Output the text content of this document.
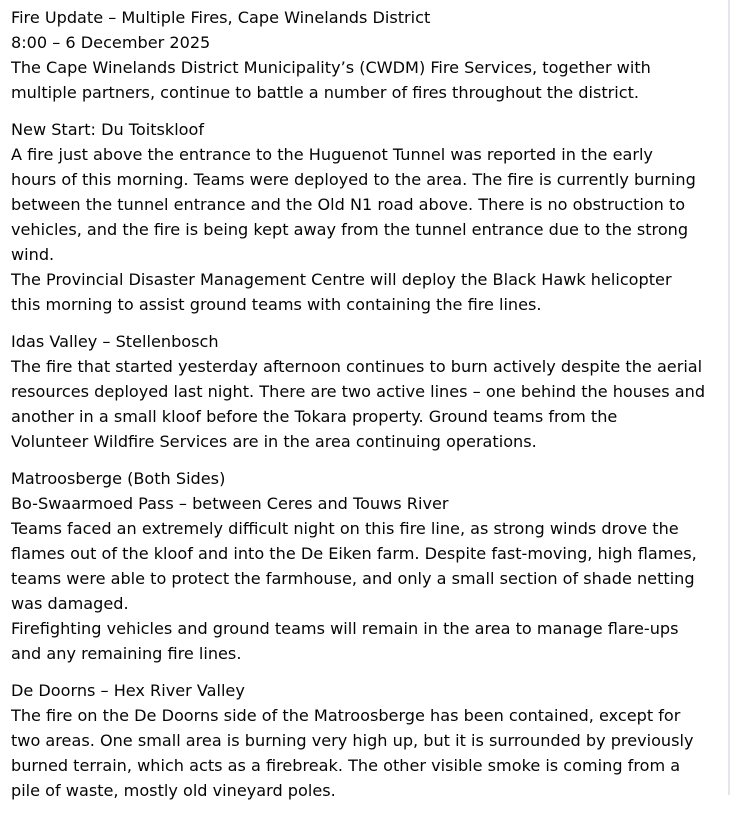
Fire Update – Multiple Fires, Cape Winelands District
8:00 – 6 December 2025
The Cape Winelands District Municipality’s (CWDM) Fire Services, together with
multiple partners, continue to battle a number of fires throughout the district.
New Start: Du Toitskloof
A fire just above the entrance to the Huguenot Tunnel was reported in the early
hours of this morning. Teams were deployed to the area. The fire is currently burning
between the tunnel entrance and the Old N1 road above. There is no obstruction to
vehicles, and the fire is being kept away from the tunnel entrance due to the strong
wind.
The Provincial Disaster Management Centre will deploy the Black Hawk helicopter
this morning to assist ground teams with containing the fire lines.
Idas Valley – Stellenbosch
The fire that started yesterday afternoon continues to burn actively despite the aerial
resources deployed last night. There are two active lines – one behind the houses and
another in a small kloof before the Tokara property. Ground teams from the
Volunteer Wildfire Services are in the area continuing operations.
Matroosberge (Both Sides)
Bo-Swaarmoed Pass – between Ceres and Touws River
Teams faced an extremely difficult night on this fire line, as strong winds drove the
flames out of the kloof and into the De Eiken farm. Despite fast-moving, high flames,
teams were able to protect the farmhouse, and only a small section of shade netting
was damaged.
Firefighting vehicles and ground teams will remain in the area to manage flare-ups
and any remaining fire lines.
De Doorns – Hex River Valley
The fire on the De Doorns side of the Matroosberge has been contained, except for
two areas. One small area is burning very high up, but it is surrounded by previously
burned terrain, which acts as a firebreak. The other visible smoke is coming from a
pile of waste, mostly old vineyard poles.
